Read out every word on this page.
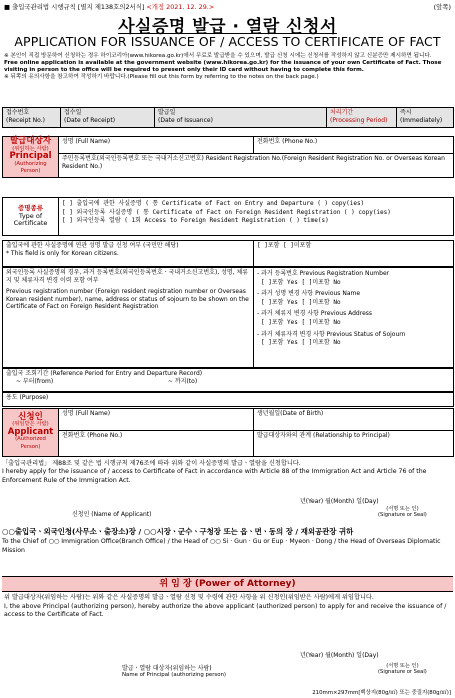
■ 출입국관리법 시행규칙 [별지 제138호의2서식] <개정 2021. 12. 29.>	(앞쪽)
사실증명 발급 · 열람 신청서
APPLICATION FOR ISSUANCE OF / ACCESS TO CERTIFICATE OF FACT
※ 본인이 직접 방문하여 신청하는 경우 하이코리아(www.hikorea.go.kr)에서 무료로 발급받을 수 있으며, 발급 신청 시에는 신청서를 작성하지 않고 신분증만 제시하면 됩니다.
Free online application is available at the government website (www.hikorea.go.kr) for the issuance of your own Certificate of Fact. Those visiting in person to the office will be required to present only their ID card without having to complete this form.
※ 뒤쪽의 유의사항을 참고하여 작성하기 바랍니다.(Please fill out this form by referring to the notes on the back page.)
접수번호
(Receipt No.)	접수일
(Date of Receipt)	발급일
(Date of Issuance)	처리기간
(Processing Period)	즉시
(Immediately)
발급대상자
(위임하는 사람)
Principal
(Authorizing Person)
	성명 (Full Name)	전화번호 (Phone No.)
주민등록번호(외국인등록번호 또는 국내거소신고번호) Resident Registration No.(Foreign Resident Registration No. or Overseas Korean Resident No.)
증명종류
Type of Certificate

[ ] 출입국에 관한 사실증명 ( 통 Certificate of Fact on Entry and Departure ( ) copy(ies)
[ ] 외국인등록 사실증명 ( 통 Certificate of Fact on Foreign Resident Registration ( ) copy(ies)
[ ] 외국인등록 열람 ( 1회 Access to Foreign Resident Registration ( ) time(s)
출입국에 관한 사실증명에 연관 성명 발급 신청 여부 (국민만 해당)
* This field is only for Korean citizens.
	[ ]포함 [ ]미포함
외국인등록 사실증명의 경우, 과거 등록번호(외국인등록번호ㆍ국내거소신고번호), 성명, 체류지 및 체류자격 변경 이력 포함 여부
Previous registration number (Foreign resident registration number or Overseas Korean resident number), name, address or status of sojourn to be shown on the Certificate of Fact on Foreign Resident Registration

- 과거 등록번호 Previous Registration Number
[ ]포함 Yes [ ]미포함 No
- 과거 성명 변경 사항 Previous Name
[ ]포함 Yes [ ]미포함 No
- 과거 체류지 변경 사항 Previous Address
[ ]포함 Yes [ ]미포함 No
- 과거 체류자격 변경 사항 Previous Status of Sojourn
[ ]포함 Yes [ ]미포함 No
출입국 조회기간 (Reference Period for Entry and Departure Record)
~ 부터(from)	~ 까지(to)
용도 (Purpose)
신청인
(위임받은 사람)
Applicant
(Authorized Person)	성명 (Full Name)	생년월일(Date of Birth)
	전화번호 (Phone No.)	발급대상자와의 관계 (Relationship to Principal)
「출입국관리법」 제88조 및 같은 법 시행규칙 제76조에 따라 위와 같이 사실증명의 발급ㆍ열람을 신청합니다.
I hereby apply for the issuance of / access to Certificate of Fact in accordance with Article 88 of the Immigration Act and Article 76 of the Enforcement Rule of the Immigration Act.
년(Year) 월(Month) 일(Day)
신청인 (Name of Applicant)
(서명 또는 인)
(Signature or Seal)
○○출입국ㆍ외국인청(사무소ㆍ출장소)장 / ○○시장ㆍ군수ㆍ구청장 또는 읍ㆍ면ㆍ동의 장 / 재외공관장 귀하
To the Chief of ○○ Immigration Office(Branch Office) / the Head of ○○ Si · Gun · Gu or Eup · Myeon · Dong / the Head of Overseas Diplomatic Mission
위 임 장 (Power of Attorney)
위 발급대상자(위임하는 사람)는 위와 같은 사실증명의 발급ㆍ열람 신청 및 수령에 관한 사항을 위 신청인(위임받은 사람)에게 위임합니다.
I, the above Principal (authorizing person), hereby authorize the above applicant (authorized person) to apply for and receive the issuance of / access to the Certificate of Fact.
년(Year) 월(Month) 일(Day)
발급ㆍ열람 대상자(위임하는 사람)
Name of Principal (authorizing person)
(서명 또는 인)
(Signature or Seal)
210mm×297mm[백상지(80g/㎡) 또는 중질지(80g/㎡)]
